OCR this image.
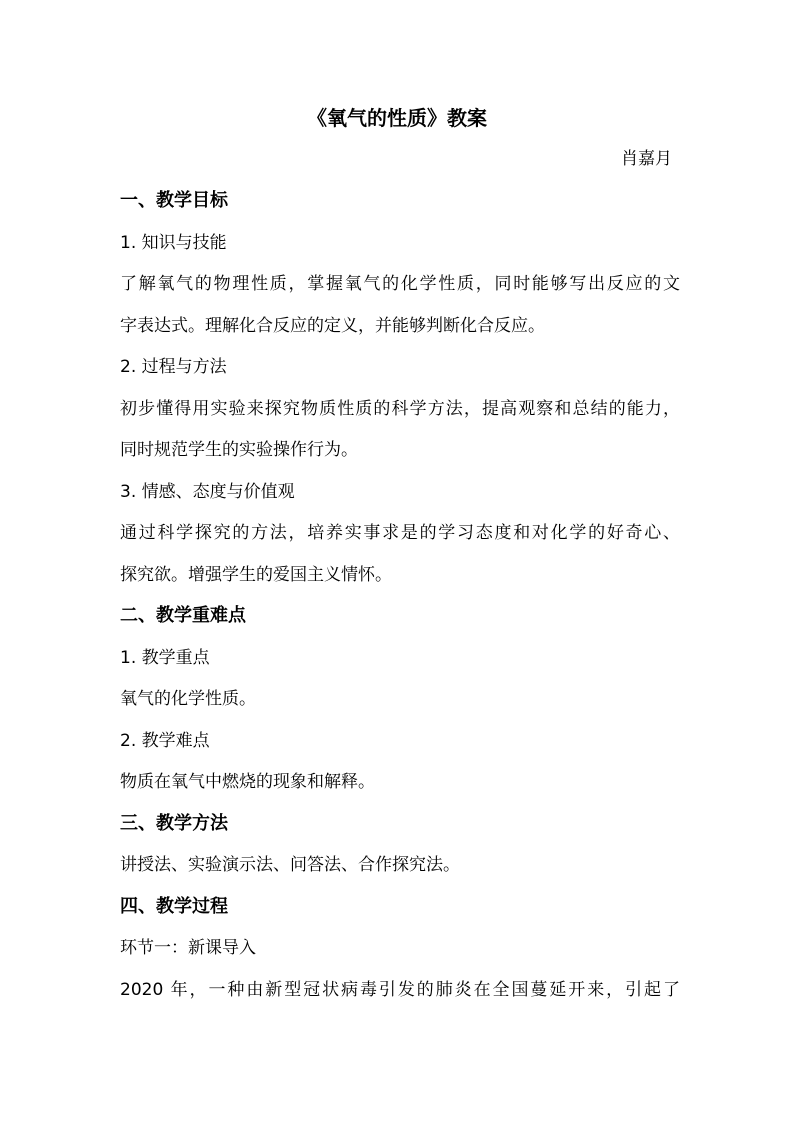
《氧气的性质》教案
肖嘉月
一、教学目标
1. 知识与技能
了解氧气的物理性质，掌握氧气的化学性质，同时能够写出反应的文
字表达式。理解化合反应的定义，并能够判断化合反应。
2. 过程与方法
初步懂得用实验来探究物质性质的科学方法，提高观察和总结的能力，
同时规范学生的实验操作行为。
3. 情感、态度与价值观
通过科学探究的方法，培养实事求是的学习态度和对化学的好奇心、
探究欲。增强学生的爱国主义情怀。
二、教学重难点
1. 教学重点
氧气的化学性质。
2. 教学难点
物质在氧气中燃烧的现象和解释。
三、教学方法
讲授法、实验演示法、问答法、合作探究法。
四、教学过程
环节一：新课导入
2020 年，一种由新型冠状病毒引发的肺炎在全国蔓延开来，引起了
